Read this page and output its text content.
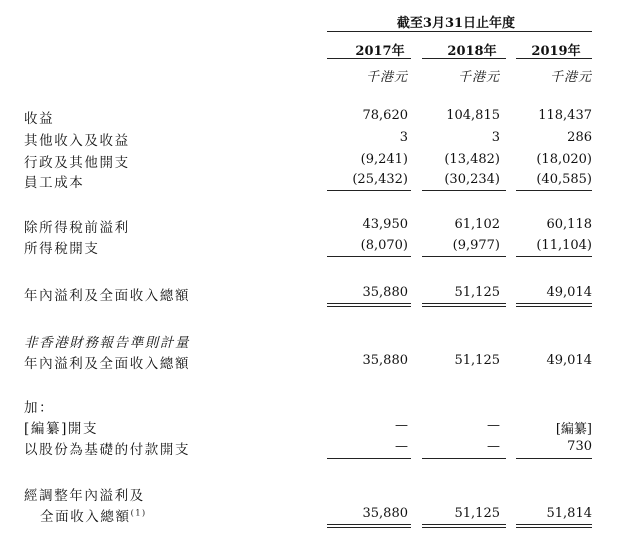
截至3月31日止年度
2017年	2018年	2019年
千港元	千港元	千港元
收益	78,620	104,815	118,437
其他收入及收益	3	3	286
行政及其他開支	(9,241)	(13,482)	(18,020)
員工成本	(25,432)	(30,234)	(40,585)
除所得稅前溢利	43,950	61,102	60,118
所得稅開支	(8,070)	(9,977)	(11,104)
年內溢利及全面收入總額	35,880	51,125	49,014
非香港財務報告準則計量
年內溢利及全面收入總額	35,880	51,125	49,014
加：
[編纂]開支	—	—	[編纂]
以股份為基礎的付款開支	—	—	730
經調整年內溢利及
全面收入總額$^{(1)}$	35,880	51,125	51,814
